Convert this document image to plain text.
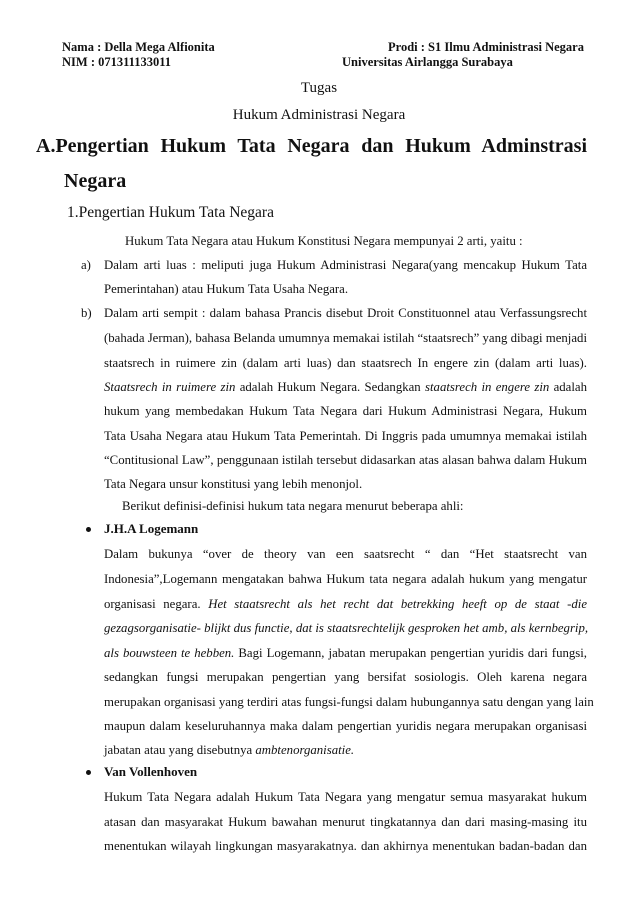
Nama : Della Mega Alfionita
NIM : 071311133011
Prodi : S1 Ilmu Administrasi Negara
Universitas Airlangga Surabaya
Tugas
Hukum Administrasi Negara
A.Pengertian Hukum Tata Negara dan Hukum Adminstrasi
Negara
1.Pengertian Hukum Tata Negara
Hukum Tata Negara atau Hukum Konstitusi Negara mempunyai 2 arti, yaitu :
a) Dalam arti luas : meliputi juga Hukum Administrasi Negara(yang mencakup Hukum Tata
Pemerintahan) atau Hukum Tata Usaha Negara.
b) Dalam arti sempit : dalam bahasa Prancis disebut Droit Constituonnel atau Verfassungsrecht
(bahada Jerman), bahasa Belanda umumnya memakai istilah “staatsrech” yang dibagi menjadi
staatsrech in ruimere zin (dalam arti luas) dan staatsrech In engere zin (dalam arti luas).
Staatsrech in ruimere zin adalah Hukum Negara. Sedangkan staatsrech in engere zin adalah
hukum yang membedakan Hukum Tata Negara dari Hukum Administrasi Negara, Hukum
Tata Usaha Negara atau Hukum Tata Pemerintah. Di Inggris pada umumnya memakai istilah
“Contitusional Law”, penggunaan istilah tersebut didasarkan atas alasan bahwa dalam Hukum
Tata Negara unsur konstitusi yang lebih menonjol.
Berikut definisi-definisi hukum tata negara menurut beberapa ahli:
J.H.A Logemann
Dalam bukunya “over de theory van een saatsrecht “ dan “Het staatsrecht van
Indonesia”,Logemann mengatakan bahwa Hukum tata negara adalah hukum yang mengatur
organisasi negara. Het staatsrecht als het recht dat betrekking heeft op de staat -die
gezagsorganisatie- blijkt dus functie, dat is staatsrechtelijk gesproken het amb, als kernbegrip,
als bouwsteen te hebben. Bagi Logemann, jabatan merupakan pengertian yuridis dari fungsi,
sedangkan fungsi merupakan pengertian yang bersifat sosiologis. Oleh karena negara
merupakan organisasi yang terdiri atas fungsi-fungsi dalam hubungannya satu dengan yang lain
maupun dalam keseluruhannya maka dalam pengertian yuridis negara merupakan organisasi
jabatan atau yang disebutnya ambtenorganisatie.
Van Vollenhoven
Hukum Tata Negara adalah Hukum Tata Negara yang mengatur semua masyarakat hukum
atasan dan masyarakat Hukum bawahan menurut tingkatannya dan dari masing-masing itu
menentukan wilayah lingkungan masyarakatnya. dan akhirnya menentukan badan-badan dan
